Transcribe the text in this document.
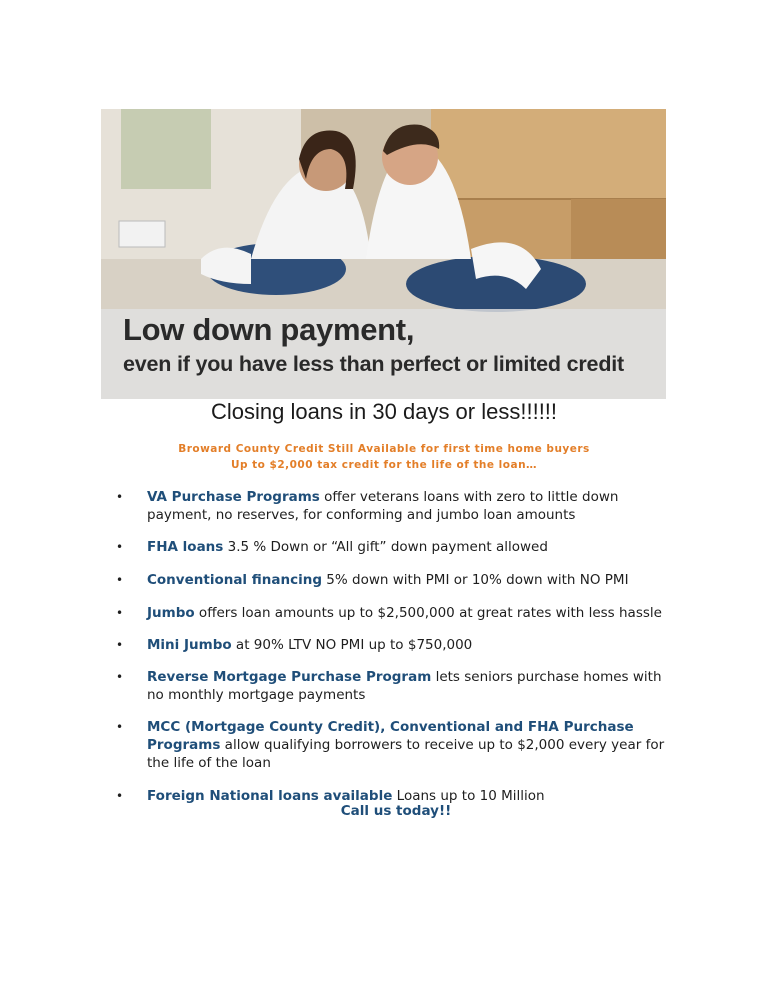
Low down payment,
even if you have less than perfect or limited credit
Closing loans in 30 days or less!!!!!!
Broward County Credit Still Available for first time home buyers
Up to $2,000 tax credit for the life of the loan…
• VA Purchase Programs offer veterans loans with zero to little down payment, no reserves, for conforming and jumbo loan amounts
• FHA loans 3.5 % Down or “All gift” down payment allowed
• Conventional financing 5% down with PMI or 10% down with NO PMI
• Jumbo offers loan amounts up to $2,500,000 at great rates with less hassle
• Mini Jumbo at 90% LTV NO PMI up to $750,000
• Reverse Mortgage Purchase Program lets seniors purchase homes with no monthly mortgage payments
• MCC (Mortgage County Credit), Conventional and FHA Purchase Programs allow qualifying borrowers to receive up to $2,000 every year for the life of the loan
• Foreign National loans available Loans up to 10 Million
Call us today!!
